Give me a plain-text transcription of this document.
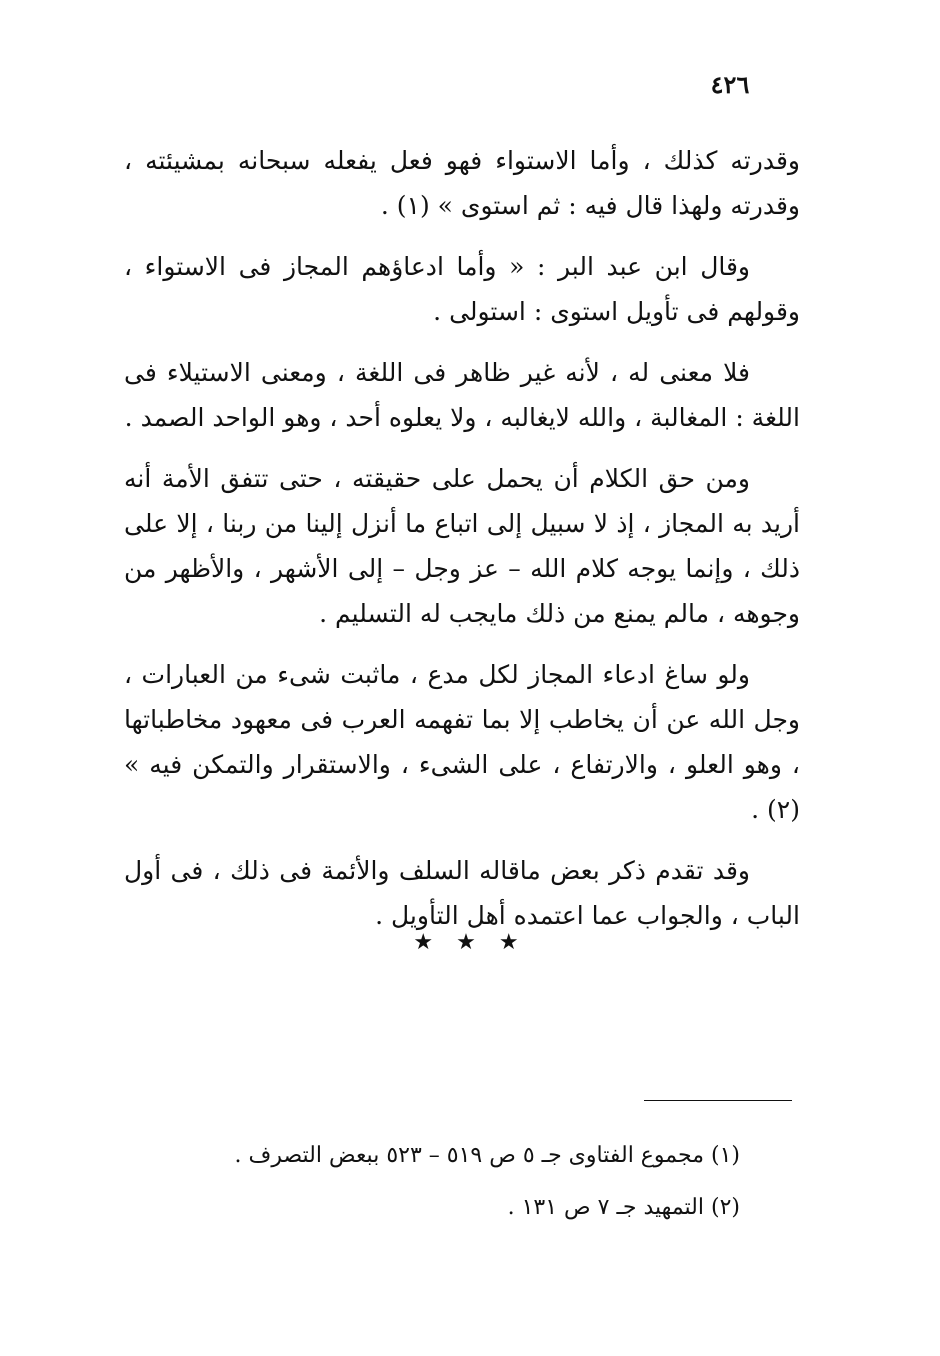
٤٢٦

وقدرته كذلك ، وأما الاستواء فهو فعل يفعله سبحانه بمشيئته ، وقدرته ولهذا قال فيه : ثم استوى » (١) .

وقال ابن عبد البر : « وأما ادعاؤهم المجاز فى الاستواء ، وقولهم فى تأويل استوى : استولى .

فلا معنى له ، لأنه غير ظاهر فى اللغة ، ومعنى الاستيلاء فى اللغة : المغالبة ، والله لايغالبه ، ولا يعلوه أحد ، وهو الواحد الصمد .

ومن حق الكلام أن يحمل على حقيقته ، حتى تتفق الأمة أنه أريد به المجاز ، إذ لا سبيل إلى اتباع ما أنزل إلينا من ربنا ، إلا على ذلك ، وإنما يوجه كلام الله – عز وجل – إلى الأشهر ، والأظهر من وجوهه ، مالم يمنع من ذلك مايجب له التسليم .

ولو ساغ ادعاء المجاز لكل مدع ، ماثبت شىء من العبارات ، وجل الله عن أن يخاطب إلا بما تفهمه العرب فى معهود مخاطباتها ، وهو العلو ، والارتفاع ، على الشىء ، والاستقرار والتمكن فيه » (٢) .

وقد تقدم ذكر بعض ماقاله السلف والأئمة فى ذلك ، فى أول الباب ، والجواب عما اعتمده أهل التأويل .

★ ★ ★
(١) مجموع الفتاوى جـ ٥ ص ٥١٩ – ٥٢٣ ببعض التصرف .
(٢) التمهيد جـ ٧ ص ١٣١ .
